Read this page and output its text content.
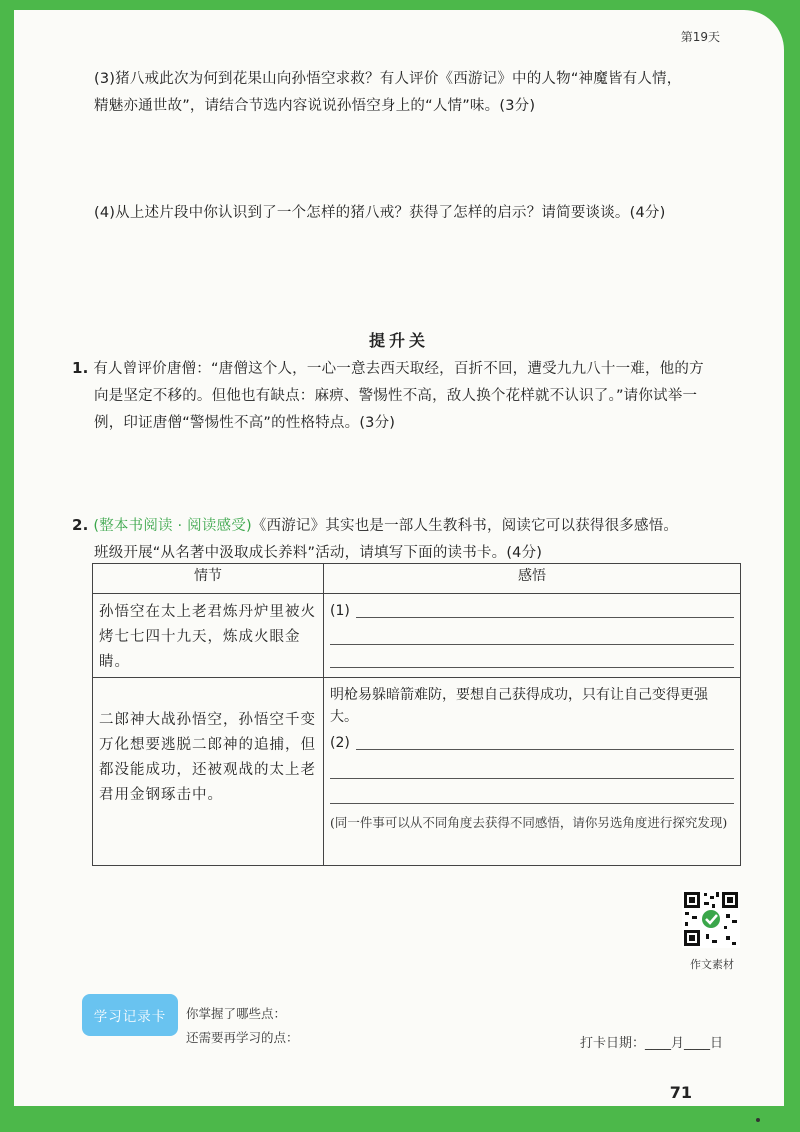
第19天
(3)猪八戒此次为何到花果山向孙悟空求救？有人评价《西游记》中的人物“神魔皆有人情，
精魅亦通世故”，请结合节选内容说说孙悟空身上的“人情”味。(3分)
(4)从上述片段中你认识到了一个怎样的猪八戒？获得了怎样的启示？请简要谈谈。(4分)
提升关
1. 有人曾评价唐僧：“唐僧这个人，一心一意去西天取经，百折不回，遭受九九八十一难，他的方
向是坚定不移的。但他也有缺点：麻痹、警惕性不高，敌人换个花样就不认识了。”请你试举一
例，印证唐僧“警惕性不高”的性格特点。(3分)
2. (整本书阅读 · 阅读感受)《西游记》其实也是一部人生教科书，阅读它可以获得很多感悟。
班级开展“从名著中汲取成长养料”活动，请填写下面的读书卡。(4分)
情节	感悟
孙悟空在太上老君炼丹炉里被火烤七七四十九天，炼成火眼金睛。	(1)

二郎神大战孙悟空，孙悟空千变万化想要逃脱二郎神的追捕，但都没能成功，还被观战的太上老君用金钢琢击中。	明枪易躲暗箭难防，要想自己获得成功，只有让自己变得更强大。
(2)
(同一件事可以从不同角度去获得不同感悟，请你另选角度进行探究发现)
作文素材
学习记录卡	你掌握了哪些点：
还需要再学习的点：	打卡日期：____月____日
71
